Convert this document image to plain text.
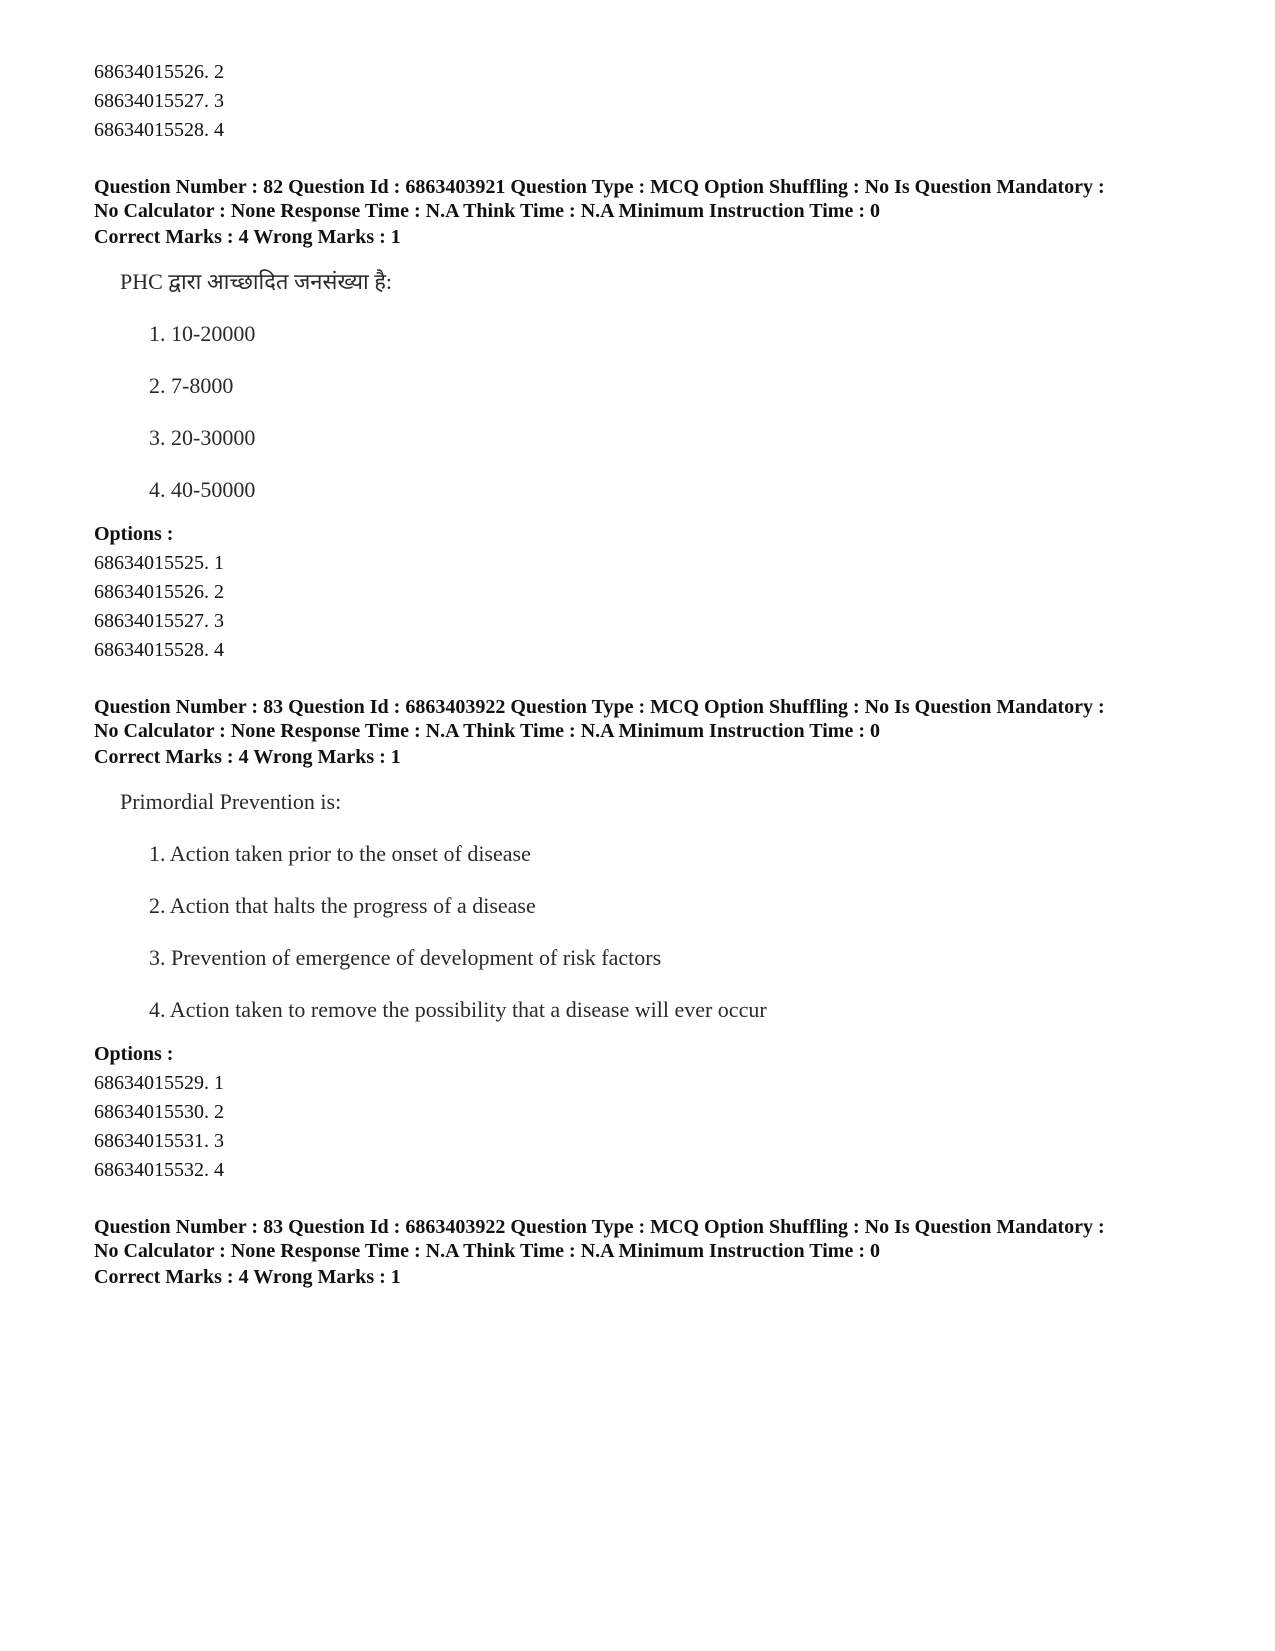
68634015526. 2
68634015527. 3
68634015528. 4
Question Number : 82 Question Id : 6863403921 Question Type : MCQ Option Shuffling : No Is Question Mandatory :
No Calculator : None Response Time : N.A Think Time : N.A Minimum Instruction Time : 0
Correct Marks : 4 Wrong Marks : 1
PHC द्वारा आच्छादित जनसंख्या है:
1. 10-20000
2. 7-8000
3. 20-30000
4. 40-50000
Options :
68634015525. 1
68634015526. 2
68634015527. 3
68634015528. 4
Question Number : 83 Question Id : 6863403922 Question Type : MCQ Option Shuffling : No Is Question Mandatory :
No Calculator : None Response Time : N.A Think Time : N.A Minimum Instruction Time : 0
Correct Marks : 4 Wrong Marks : 1
Primordial Prevention is:
1. Action taken prior to the onset of disease
2. Action that halts the progress of a disease
3. Prevention of emergence of development of risk factors
4. Action taken to remove the possibility that a disease will ever occur
Options :
68634015529. 1
68634015530. 2
68634015531. 3
68634015532. 4
Question Number : 83 Question Id : 6863403922 Question Type : MCQ Option Shuffling : No Is Question Mandatory :
No Calculator : None Response Time : N.A Think Time : N.A Minimum Instruction Time : 0
Correct Marks : 4 Wrong Marks : 1
